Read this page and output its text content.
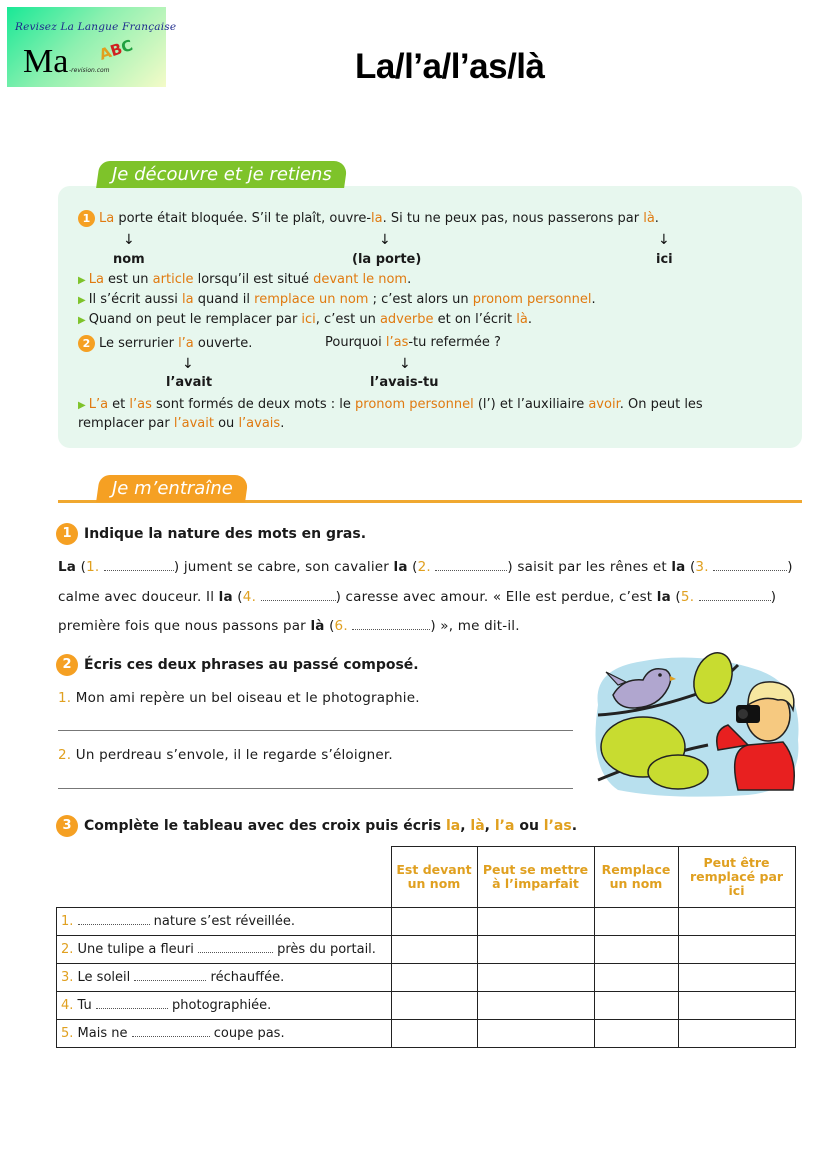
Revisez La Langue Française
Ma ABC
-revision.com	La/l’a/l’as/là
Je découvre et je retiens
1 La porte était bloquée. S’il te plaît, ouvre-la. Si tu ne peux pas, nous passerons par là.
↓	↓	↓
nom	(la porte)	ici
▶ La est un article lorsqu’il est situé devant le nom.
▶ Il s’écrit aussi la quand il remplace un nom ; c’est alors un pronom personnel.
▶ Quand on peut le remplacer par ici, c’est un adverbe et on l’écrit là.
2 Le serrurier l’a ouverte.	Pourquoi l’as-tu refermée ?
↓	↓
l’avait	l’avais-tu
▶ L’a et l’as sont formés de deux mots : le pronom personnel (l’) et l’auxiliaire avoir. On peut les
remplacer par l’avait ou l’avais.
Je m’entraîne
1 Indique la nature des mots en gras.
La (1.	) jument se cabre, son cavalier la (2.	) saisit par les rênes et la (3.	)
calme avec douceur. Il la (4.	) caresse avec amour. « Elle est perdue, c’est la (5.	)
première fois que nous passons par là (6.	) », me dit-il.
2 Écris ces deux phrases au passé composé.
1. Mon ami repère un bel oiseau et le photographie.
2. Un perdreau s’envole, il le regarde s’éloigner.
3 Complète le tableau avec des croix puis écris la, là, l’a ou l’as.
	Est devant un nom	Peut se mettre à l’imparfait	Remplace un nom	Peut être remplacé par ici
1. nature s’est réveillée.				
2. Une tulipe a fleuri près du portail.				
3. Le soleil réchauffée.				
4. Tu photographiée.				
5. Mais ne coupe pas.				
